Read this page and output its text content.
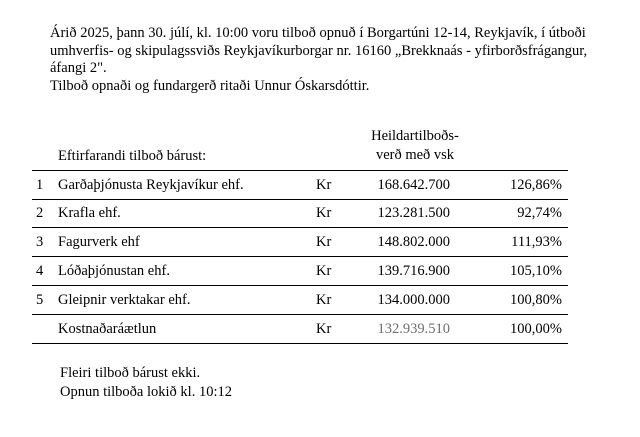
Árið 2025, þann 30. júlí, kl. 10:00 voru tilboð opnuð í Borgartúni 12-14, Reykjavík, í útboði umhverfis- og skipulagssviðs Reykjavíkurborgar nr. 16160 „Brekknaás - yfirborðsfrágangur, áfangi 2".

Tilboð opnaði og fundargerð ritaði Unnur Óskarsdóttir.

Heildartilboðs-
verð með vsk
Eftirfarandi tilboð bárust:
1 Garðaþjónusta Reykjavíkur ehf.	Kr	168.642.700	126,86%
2 Krafla ehf.	Kr	123.281.500	92,74%
3 Fagurverk ehf	Kr	148.802.000	111,93%
4 Lóðaþjónustan ehf.	Kr	139.716.900	105,10%
5 Gleipnir verktakar ehf.	Kr	134.000.000	100,80%
Kostnaðaráætlun	Kr	132.939.510	100,00%

Fleiri tilboð bárust ekki.

Opnun tilboða lokið kl. 10:12
